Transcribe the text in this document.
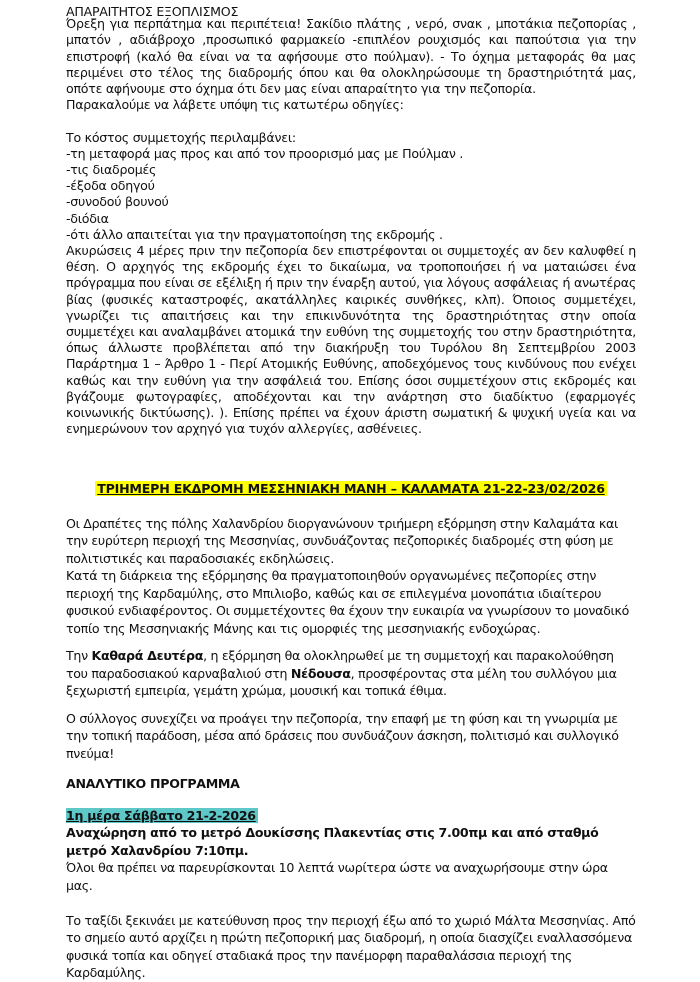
ΑΠΑΡΑΙΤΗΤΟΣ ΕΞΟΠΛΙΣΜΟΣ

Όρεξη για περπάτημα και περιπέτεια! Σακίδιο πλάτης , νερό, σνακ , μποτάκια πεζοπορίας , μπατόν , αδιάβροχο ,προσωπικό φαρμακείο -επιπλέον ρουχισμός και παπούτσια για την επιστροφή (καλό θα είναι να τα αφήσουμε στο πούλμαν). - Το όχημα μεταφοράς θα μας περιμένει στο τέλος της διαδρομής όπου και θα ολοκληρώσουμε τη δραστηριότητά μας, οπότε αφήνουμε στο όχημα ότι δεν μας είναι απαραίτητο για την πεζοπορία.

Παρακαλούμε να λάβετε υπόψη τις κατωτέρω οδηγίες:

Το κόστος συμμετοχής περιλαμβάνει:

-τη μεταφορά μας προς και από τον προορισμό μας με Πούλμαν .

-τις διαδρομές

-έξοδα οδηγού

-συνοδού βουνού

-διόδια

-ότι άλλο απαιτείται για την πραγματοποίηση της εκδρομής .

Ακυρώσεις 4 μέρες πριν την πεζοπορία δεν επιστρέφονται οι συμμετοχές αν δεν καλυφθεί η θέση. Ο αρχηγός της εκδρομής έχει το δικαίωμα, να τροποποιήσει ή να ματαιώσει ένα πρόγραμμα που είναι σε εξέλιξη ή πριν την έναρξη αυτού, για λόγους ασφάλειας ή ανωτέρας βίας (φυσικές καταστροφές, ακατάλληλες καιρικές συνθήκες, κλπ). Όποιος συμμετέχει, γνωρίζει τις απαιτήσεις και την επικινδυνότητα της δραστηριότητας στην οποία συμμετέχει και αναλαμβάνει ατομικά την ευθύνη της συμμετοχής του στην δραστηριότητα, όπως άλλωστε προβλέπεται από την διακήρυξη του Τυρόλου 8η Σεπτεμβρίου 2003 Παράρτημα 1 – Άρθρο 1 - Περί Ατομικής Ευθύνης, αποδεχόμενος τους κινδύνους που ενέχει καθώς και την ευθύνη για την ασφάλειά του. Επίσης όσοι συμμετέχουν στις εκδρομές και βγάζουμε φωτογραφίες, αποδέχονται και την ανάρτηση στο διαδίκτυο (εφαρμογές κοινωνικής δικτύωσης). ). Επίσης πρέπει να έχουν άριστη σωματική & ψυχική υγεία και να ενημερώνουν τον αρχηγό για τυχόν αλλεργίες, ασθένειες.

ΤΡΙΗΜΕΡΗ ΕΚΔΡΟΜΗ ΜΕΣΣΗΝΙΑΚΗ ΜΑΝΗ – ΚΑΛΑΜΑΤΑ 21-22-23/02/2026

Οι Δραπέτες της πόλης Χαλανδρίου διοργανώνουν τριήμερη εξόρμηση στην Καλαμάτα και την ευρύτερη περιοχή της Μεσσηνίας, συνδυάζοντας πεζοπορικές διαδρομές στη φύση με πολιτιστικές και παραδοσιακές εκδηλώσεις.

Κατά τη διάρκεια της εξόρμησης θα πραγματοποιηθούν οργανωμένες πεζοπορίες στην περιοχή της Καρδαμύλης, στο Μπιλιοβο, καθώς και σε επιλεγμένα μονοπάτια ιδιαίτερου φυσικού ενδιαφέροντος. Οι συμμετέχοντες θα έχουν την ευκαιρία να γνωρίσουν το μοναδικό τοπίο της Μεσσηνιακής Μάνης και τις ομορφιές της μεσσηνιακής ενδοχώρας.

Την Καθαρά Δευτέρα, η εξόρμηση θα ολοκληρωθεί με τη συμμετοχή και παρακολούθηση του παραδοσιακού καρναβαλιού στη Νέδουσα, προσφέροντας στα μέλη του συλλόγου μια ξεχωριστή εμπειρία, γεμάτη χρώμα, μουσική και τοπικά έθιμα.

Ο σύλλογος συνεχίζει να προάγει την πεζοπορία, την επαφή με τη φύση και τη γνωριμία με την τοπική παράδοση, μέσα από δράσεις που συνδυάζουν άσκηση, πολιτισμό και συλλογικό πνεύμα!

ΑΝΑΛΥΤΙΚΟ ΠΡΟΓΡΑΜΜΑ

1η μέρα Σάββατο 21-2-2026

Αναχώρηση από το μετρό Δουκίσσης Πλακεντίας στις 7.00πμ και από σταθμό μετρό Χαλανδρίου 7:10πμ.

Όλοι θα πρέπει να παρευρίσκονται 10 λεπτά νωρίτερα ώστε να αναχωρήσουμε στην ώρα μας.

Το ταξίδι ξεκινάει με κατεύθυνση προς την περιοχή έξω από το χωριό Μάλτα Μεσσηνίας. Από το σημείο αυτό αρχίζει η πρώτη πεζοπορική μας διαδρομή, η οποία διασχίζει εναλλασσόμενα φυσικά τοπία και οδηγεί σταδιακά προς την πανέμορφη παραθαλάσσια περιοχή της Καρδαμύλης.
